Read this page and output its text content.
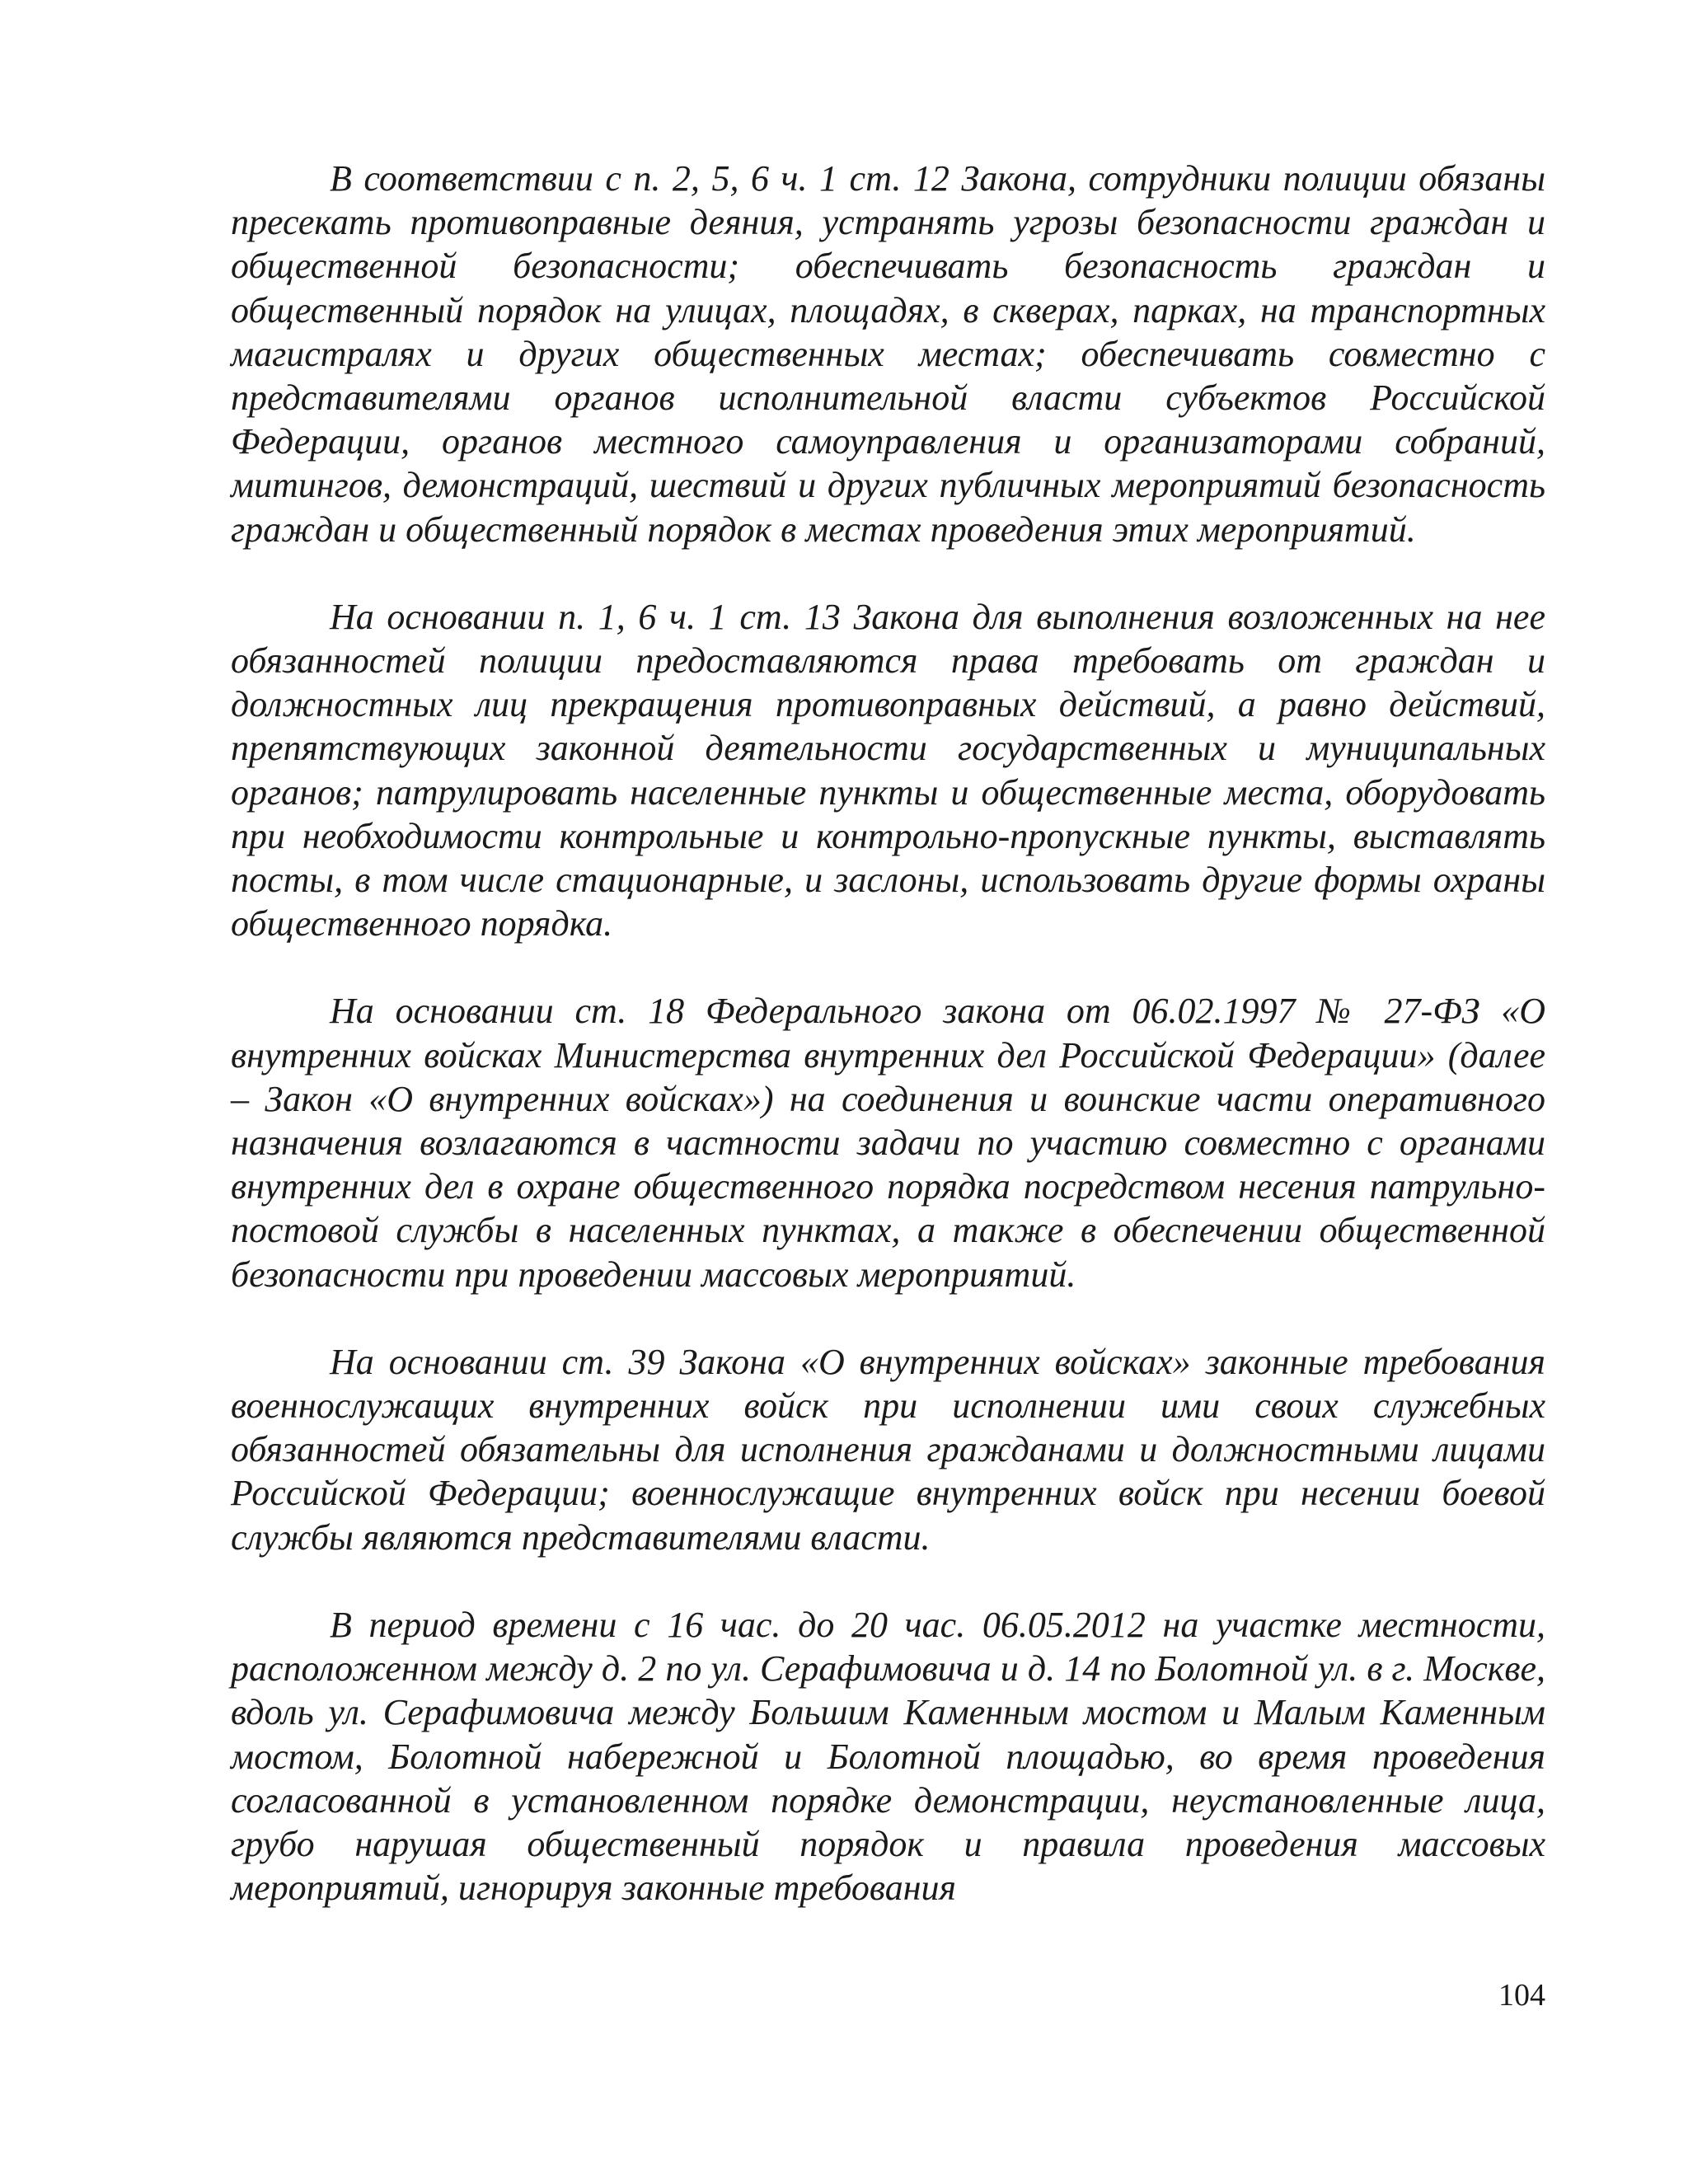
В соответствии с п. 2, 5, 6 ч. 1 ст. 12 Закона, сотрудники полиции обязаны пресекать противоправные деяния, устранять угрозы безопасности граждан и общественной безопасности; обеспечивать безопасность граждан и общественный порядок на улицах, площадях, в скверах, парках, на транспортных магистралях и других общественных местах; обеспечивать совместно с представителями органов исполнительной власти субъектов Российской Федерации, органов местного самоуправления и организаторами собраний, митингов, демонстраций, шествий и других публичных мероприятий безопасность граждан и общественный порядок в местах проведения этих мероприятий.

На основании п. 1, 6 ч. 1 ст. 13 Закона для выполнения возложенных на нее обязанностей полиции предоставляются права требовать от граждан и должностных лиц прекращения противоправных действий, а равно действий, препятствующих законной деятельности государственных и муниципальных органов; патрулировать населенные пункты и общественные места, оборудовать при необходимости контрольные и контрольно-пропускные пункты, выставлять посты, в том числе стационарные, и заслоны, использовать другие формы охраны общественного порядка.

На основании ст. 18 Федерального закона от 06.02.1997 № 27-ФЗ «О внутренних войсках Министерства внутренних дел Российской Федерации» (далее – Закон «О внутренних войсках») на соединения и воинские части оперативного назначения возлагаются в частности задачи по участию совместно с органами внутренних дел в охране общественного порядка посредством несения патрульно-постовой службы в населенных пунктах, а также в обеспечении общественной безопасности при проведении массовых мероприятий.

На основании ст. 39 Закона «О внутренних войсках» законные требования военнослужащих внутренних войск при исполнении ими своих служебных обязанностей обязательны для исполнения гражданами и должностными лицами Российской Федерации; военнослужащие внутренних войск при несении боевой службы являются представителями власти.

В период времени с 16 час. до 20 час. 06.05.2012 на участке местности, расположенном между д. 2 по ул. Серафимовича и д. 14 по Болотной ул. в г. Москве, вдоль ул. Серафимовича между Большим Каменным мостом и Малым Каменным мостом, Болотной набережной и Болотной площадью, во время проведения согласованной в установленном порядке демонстрации, неустановленные лица, грубо нарушая общественный порядок и правила проведения массовых мероприятий, игнорируя законные требования

104
